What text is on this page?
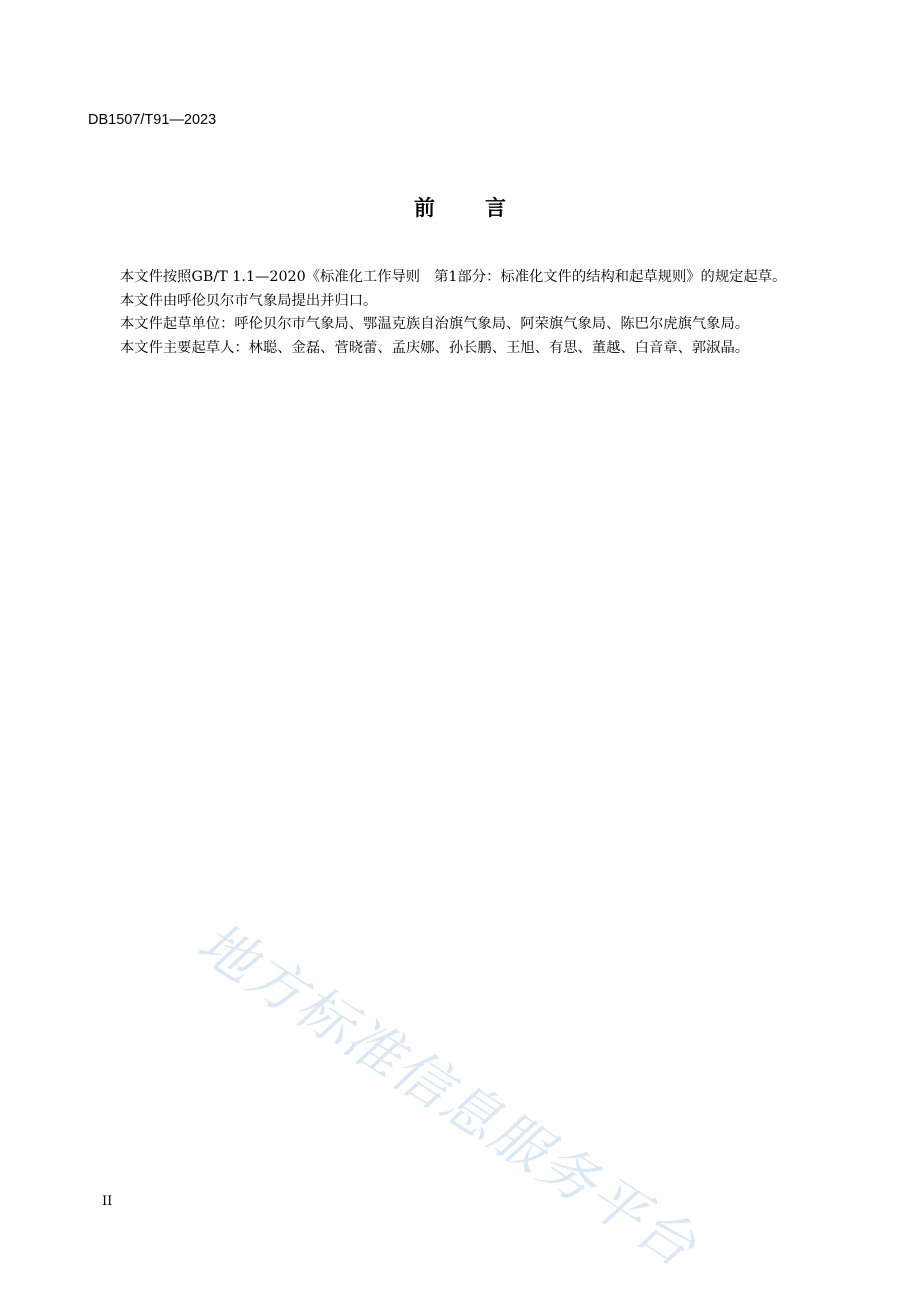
DB1507/T91—2023
前 言

本文件按照GB/T 1.1—2020《标准化工作导则 第1部分：标准化文件的结构和起草规则》的规定起草。

本文件由呼伦贝尔市气象局提出并归口。

本文件起草单位：呼伦贝尔市气象局、鄂温克族自治旗气象局、阿荣旗气象局、陈巴尔虎旗气象局。

本文件主要起草人：林聪、金磊、菅晓蕾、孟庆娜、孙长鹏、王旭、有思、董越、白音章、郭淑晶。

地方标准信息服务平台
II
